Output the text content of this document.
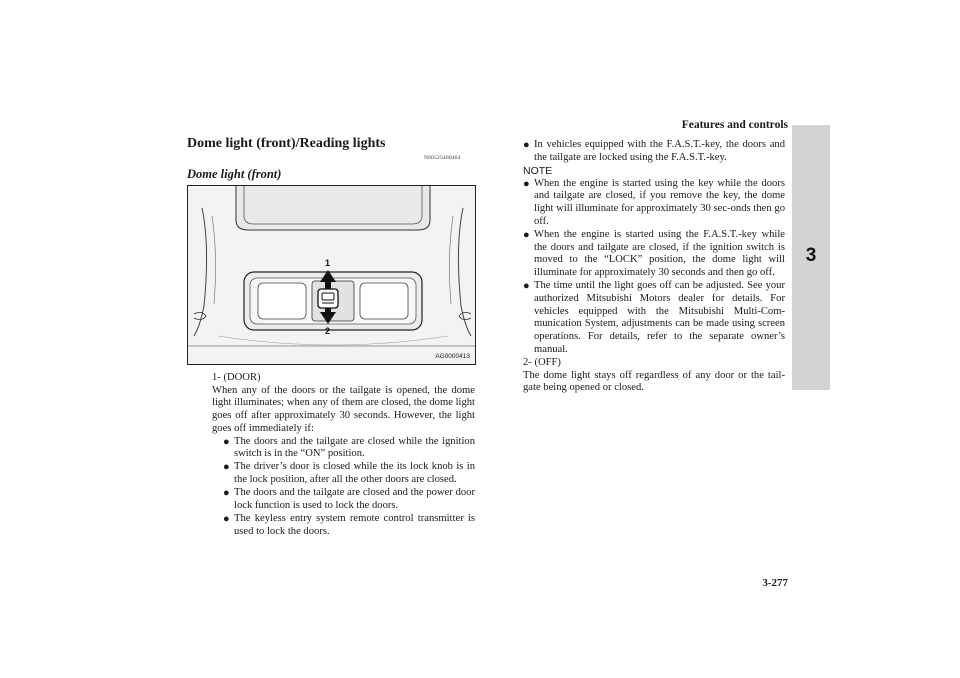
Features and controls
3
Dome light (front)/Reading lights
N00525400404
Dome light (front)
1
2
AG0000413

1- (DOOR)

When any of the doors or the tailgate is opened, the dome light illuminates; when any of them are closed, the dome light goes off after approximately 30 seconds. However, the light goes off immediately if:

● The doors and the tailgate are closed while the ignition switch is in the “ON” position.
● The driver’s door is closed while the its lock knob is in the lock position, after all the other doors are closed.
● The doors and the tailgate are closed and the power door lock function is used to lock the doors.
● The keyless entry system remote control transmitter is used to lock the doors.
● In vehicles equipped with the F.A.S.T.-key, the doors and the tailgate are locked using the F.A.S.T.-key.

NOTE

● When the engine is started using the key while the doors and tailgate are closed, if you remove the key, the dome light will illuminate for approximately 30 sec-onds then go off.
● When the engine is started using the F.A.S.T.-key while the doors and tailgate are closed, if the ignition switch is moved to the “LOCK” position, the dome light will illuminate for approximately 30 seconds and then go off.
● The time until the light goes off can be adjusted. See your authorized Mitsubishi Motors dealer for details. For vehicles equipped with the Mitsubishi Multi-Com-munication System, adjustments can be made using screen operations. For details, refer to the separate owner’s manual.

2- (OFF)

The dome light stays off regardless of any door or the tail-gate being opened or closed.

3-277
